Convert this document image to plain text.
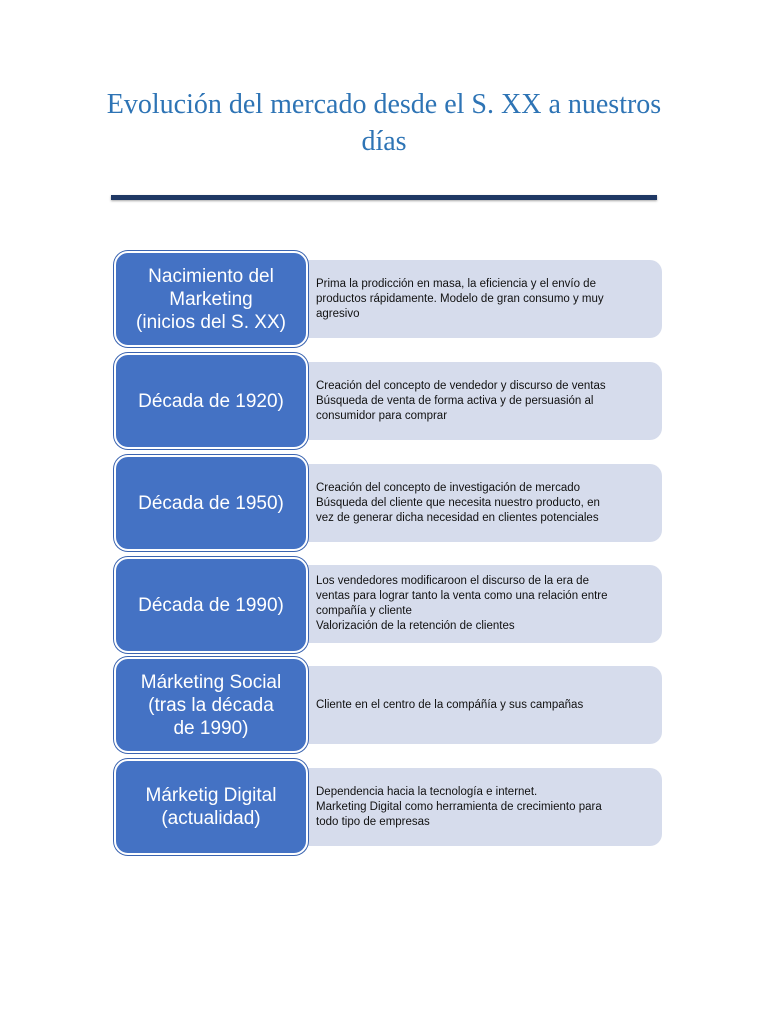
Evolución del mercado desde el S. XX a nuestros días
Prima la prodicción en masa, la eficiencia y el envío de
productos rápidamente. Modelo de gran consumo y muy
agresivo
Nacimiento del
Marketing
(inicios del S. XX)
Creación del concepto de vendedor y discurso de ventas
Búsqueda de venta de forma activa y de persuasión al
consumidor para comprar
Década de 1920)
Creación del concepto de investigación de mercado
Búsqueda del cliente que necesita nuestro producto, en
vez de generar dicha necesidad en clientes potenciales
Década de 1950)
Los vendedores modificaroon el discurso de la era de
ventas para lograr tanto la venta como una relación entre
compañía y cliente
Valorización de la retención de clientes
Década de 1990)
Cliente en el centro de la compáñía y sus campañas
Márketing Social
(tras la década
de 1990)
Dependencia hacia la tecnología e internet.
Marketing Digital como herramienta de crecimiento para
todo tipo de empresas
Márketig Digital
(actualidad)
